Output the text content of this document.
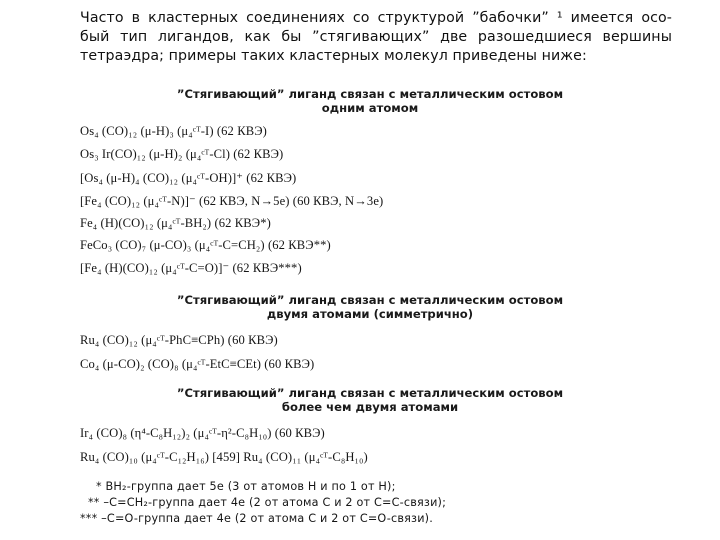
Часто в кластерных соединениях со структурой ”бабочки” ¹ имеется осо-
бый тип лигандов, как бы ”стягивающих” две разошедшиеся вершины
тетраэдра; примеры таких кластерных молекул приведены ниже:
”Стягивающий” лиганд связан с металлическим остовом
одним атомом
Os₄ (CO)₁₂ (μ-H)₃ (μ₄ᶜᵀ-I) (62 КВЭ)
Os₃ Ir(CO)₁₂ (μ-H)₂ (μ₄ᶜᵀ-Cl) (62 КВЭ)
[Os₄ (μ-H)₄ (CO)₁₂ (μ₄ᶜᵀ-OH)]⁺ (62 КВЭ)
[Fe₄ (CO)₁₂ (μ₄ᶜᵀ-N)]⁻ (62 КВЭ, N→5e) (60 КВЭ, N→3e)
Fe₄ (H)(CO)₁₂ (μ₄ᶜᵀ-BH₂) (62 КВЭ*)
FeCo₃ (CO)₇ (μ-CO)₃ (μ₄ᶜᵀ-C=CH₂) (62 КВЭ**)
[Fe₄ (H)(CO)₁₂ (μ₄ᶜᵀ-C=O)]⁻ (62 КВЭ***)
”Стягивающий” лиганд связан с металлическим остовом
двумя атомами (симметрично)
Ru₄ (CO)₁₂ (μ₄ᶜᵀ-PhC≡CPh) (60 КВЭ)
Co₄ (μ-CO)₂ (CO)₈ (μ₄ᶜᵀ-EtC≡CEt) (60 КВЭ)
”Стягивающий” лиганд связан с металлическим остовом
более чем двумя атомами
Ir₄ (CO)₈ (η⁴-C₈H₁₂)₂ (μ₄ᶜᵀ-η²-C₈H₁₀) (60 КВЭ)
Ru₄ (CO)₁₀ (μ₄ᶜᵀ-C₁₂H₁₆) [459] Ru₄ (CO)₁₁ (μ₄ᶜᵀ-C₈H₁₀)
* BH₂-группа дает 5е (3 от атомов H и по 1 от H);
** –C=CH₂-группа дает 4е (2 от атома C и 2 от C=C-связи);
*** –C=O-группа дает 4е (2 от атома C и 2 от C=O-связи).
